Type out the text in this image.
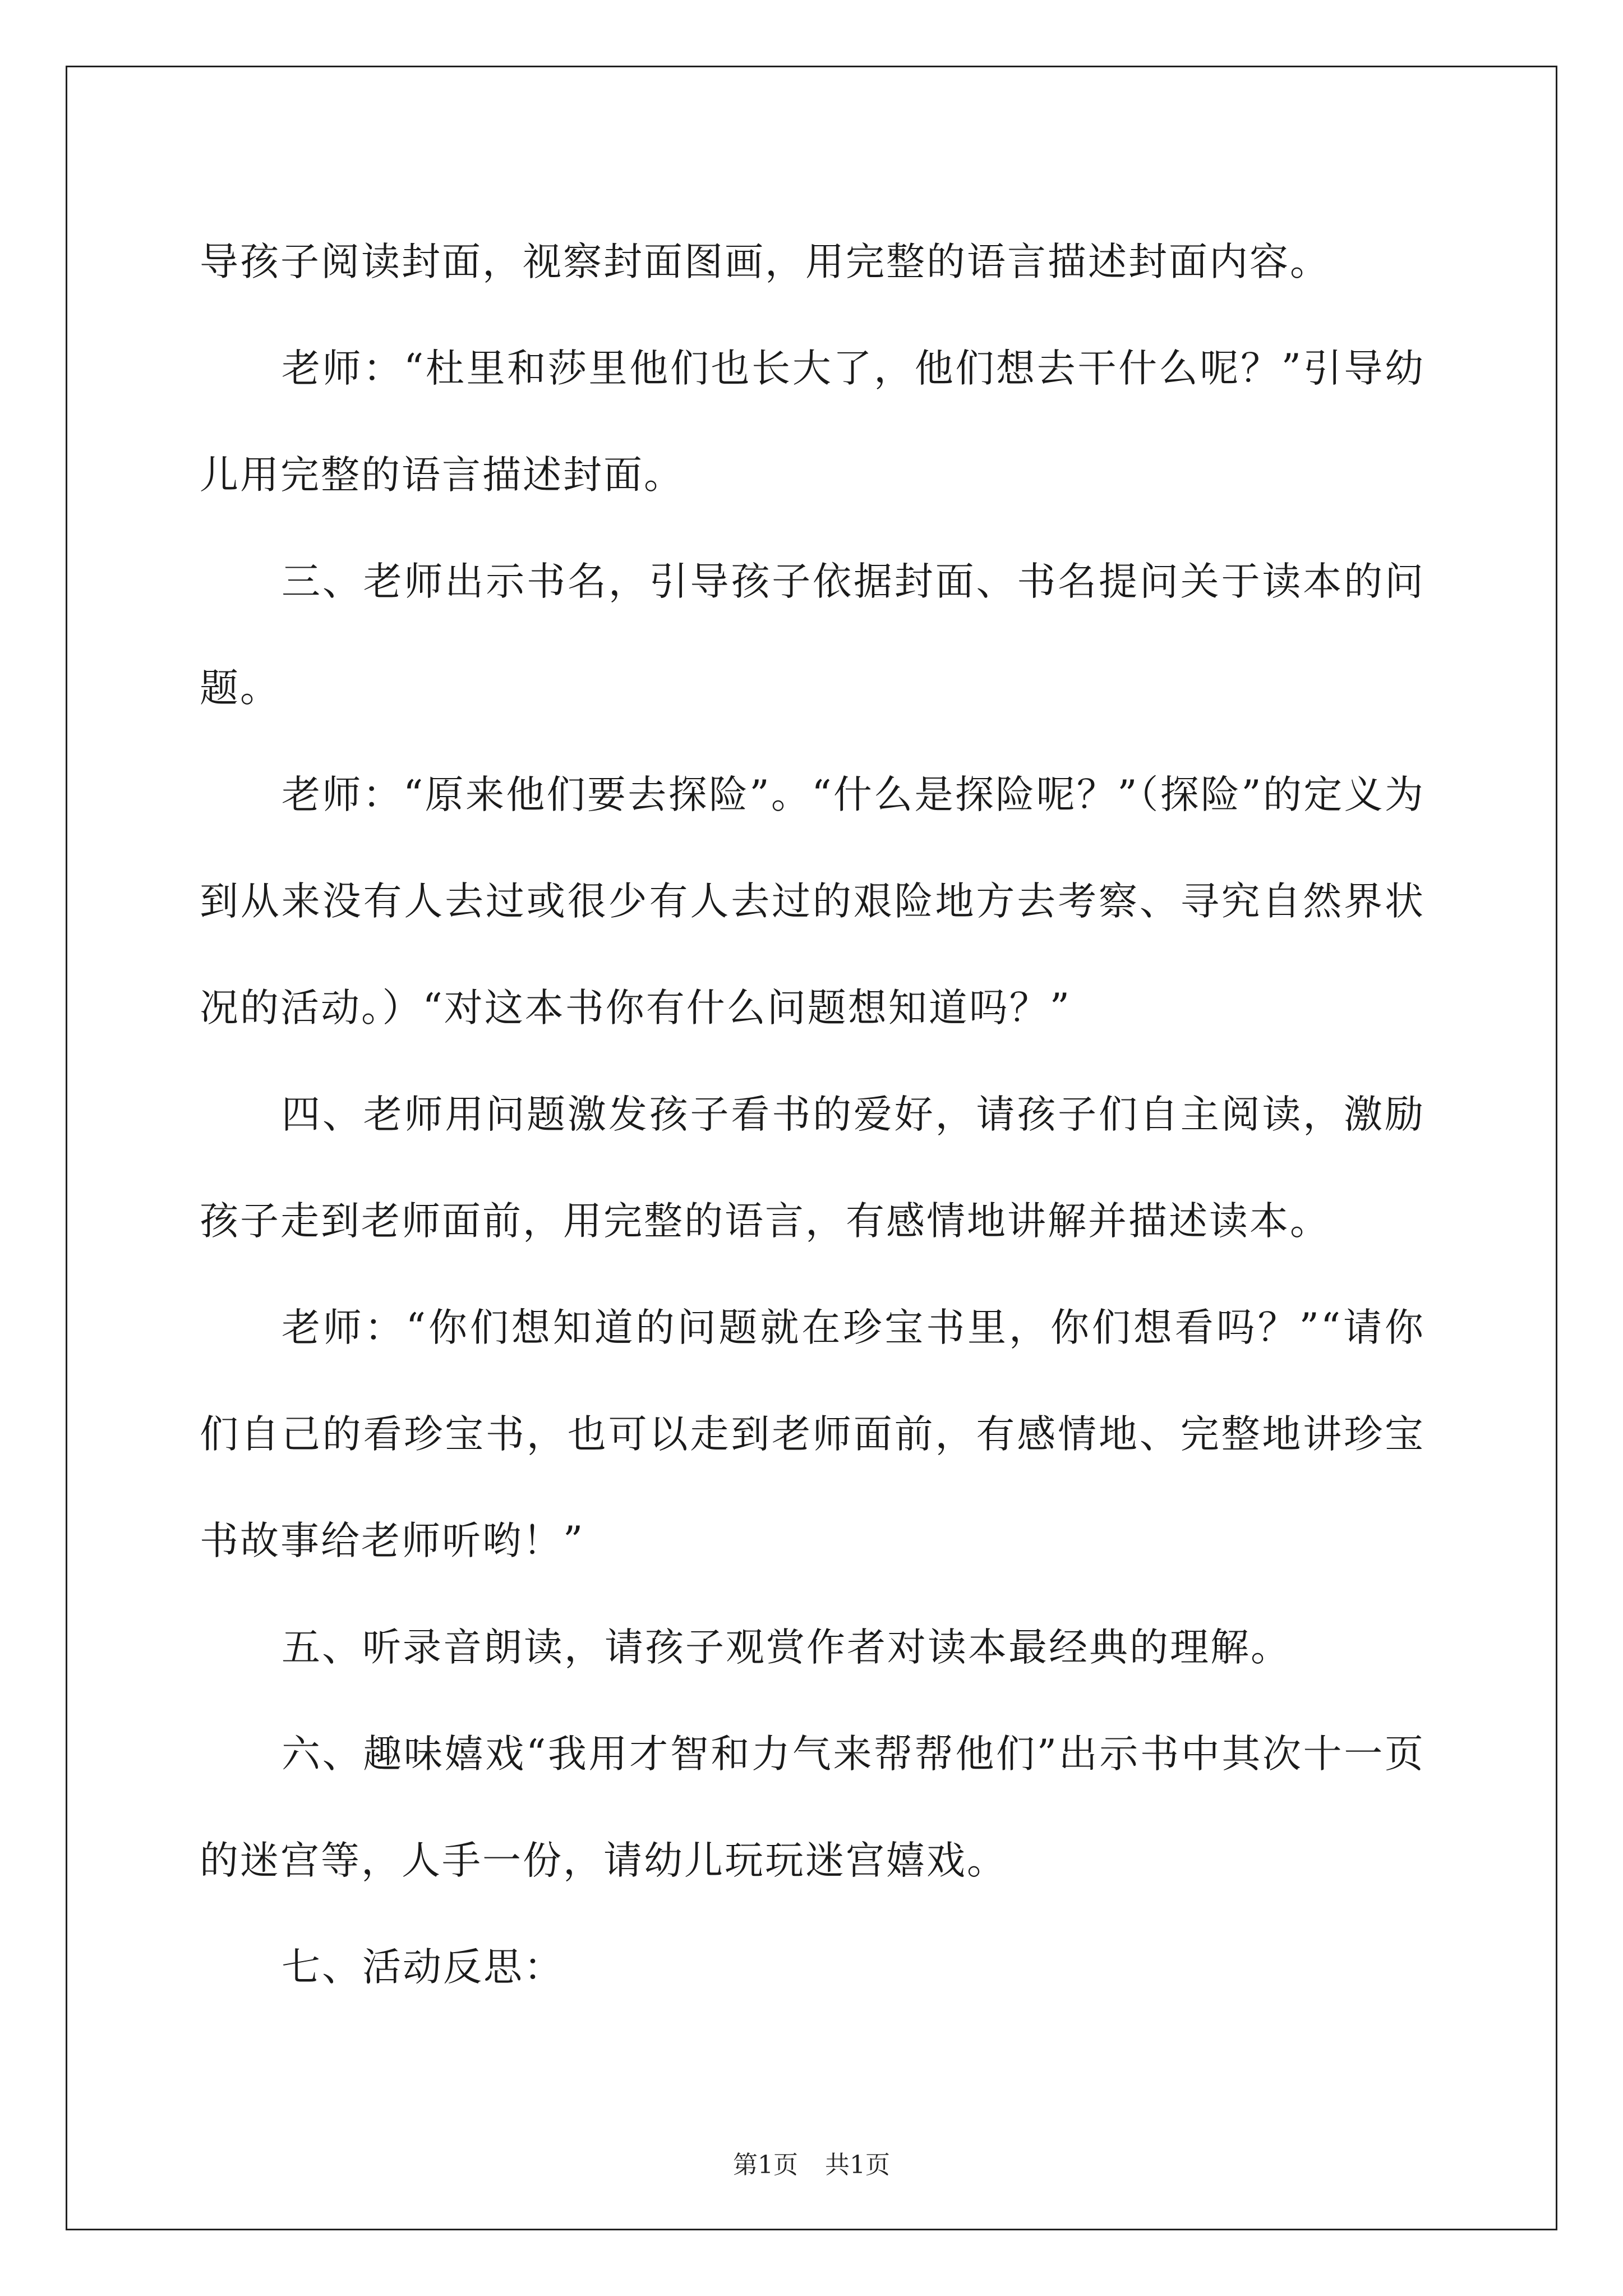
导孩子阅读封面，视察封面图画，用完整的语言描述封面内容。

老师：“杜里和莎里他们也长大了，他们想去干什么呢？”引导幼儿用完整的语言描述封面。

三、老师出示书名，引导孩子依据封面、书名提问关于读本的问题。

老师：“原来他们要去探险”。“什么是探险呢？”（探险”的定义为到从来没有人去过或很少有人去过的艰险地方去考察、寻究自然界状况的活动。）“对这本书你有什么问题想知道吗？”

四、老师用问题激发孩子看书的爱好，请孩子们自主阅读，激励孩子走到老师面前，用完整的语言，有感情地讲解并描述读本。

老师：“你们想知道的问题就在珍宝书里，你们想看吗？”“请你们自己的看珍宝书，也可以走到老师面前，有感情地、完整地讲珍宝书故事给老师听哟！”

五、听录音朗读，请孩子观赏作者对读本最经典的理解。

六、趣味嬉戏“我用才智和力气来帮帮他们”出示书中其次十一页的迷宫等，人手一份，请幼儿玩玩迷宫嬉戏。

七、活动反思：

第1页 共1页
